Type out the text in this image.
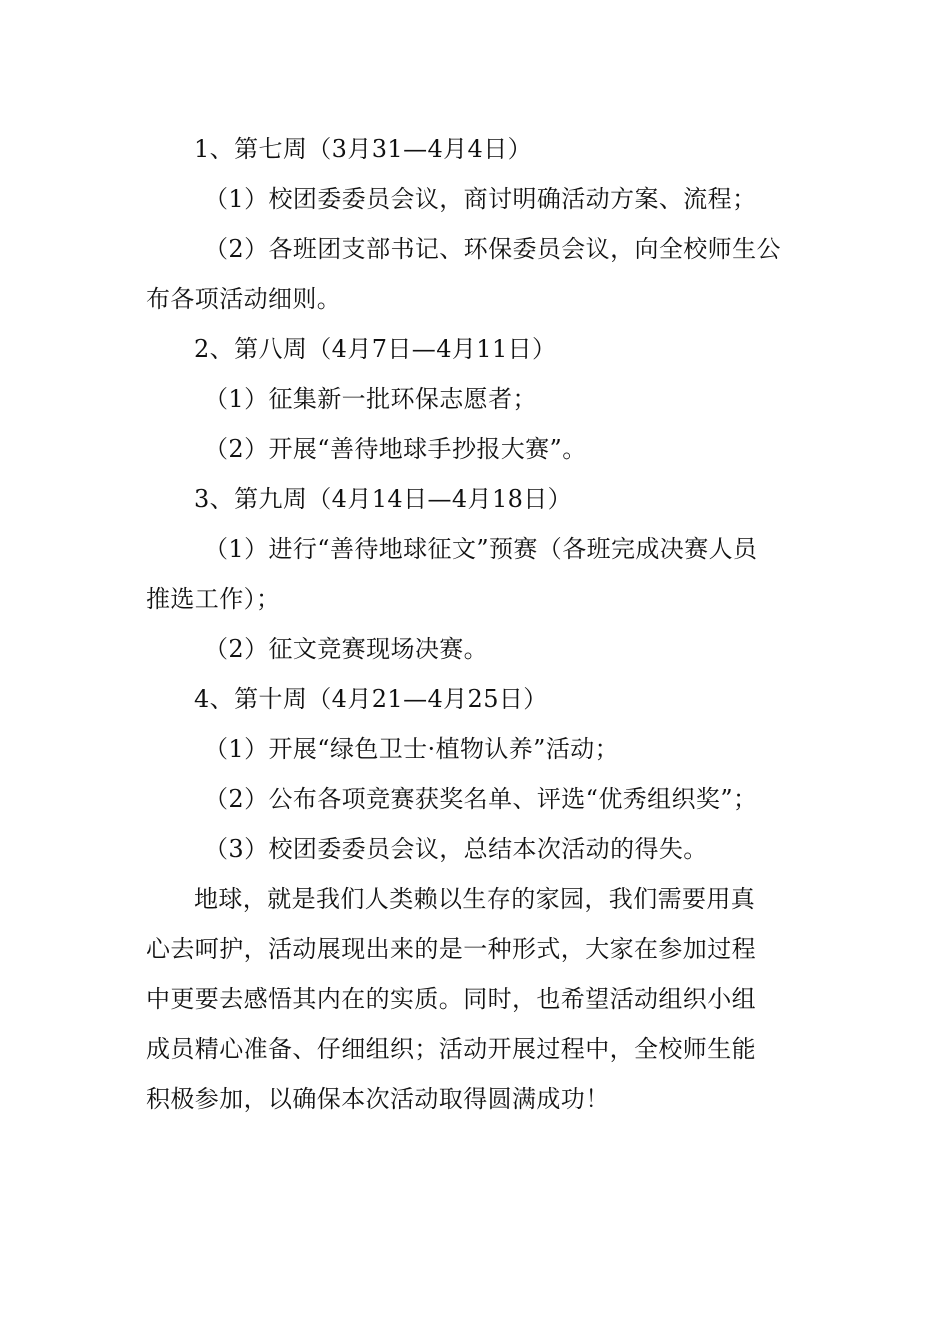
1、第七周（3月31—4月4日）
（1）校团委委员会议，商讨明确活动方案、流程；
（2）各班团支部书记、环保委员会议，向全校师生公
布各项活动细则。
2、第八周（4月7日—4月11日）
（1）征集新一批环保志愿者；
（2）开展“善待地球手抄报大赛”。
3、第九周（4月14日—4月18日）
（1）进行“善待地球征文”预赛（各班完成决赛人员
推选工作）；
（2）征文竞赛现场决赛。
4、第十周（4月21—4月25日）
（1）开展“绿色卫士·植物认养”活动；
（2）公布各项竞赛获奖名单、评选“优秀组织奖”；
（3）校团委委员会议，总结本次活动的得失。
地球，就是我们人类赖以生存的家园，我们需要用真
心去呵护，活动展现出来的是一种形式，大家在参加过程
中更要去感悟其内在的实质。同时，也希望活动组织小组
成员精心准备、仔细组织；活动开展过程中，全校师生能
积极参加，以确保本次活动取得圆满成功！
